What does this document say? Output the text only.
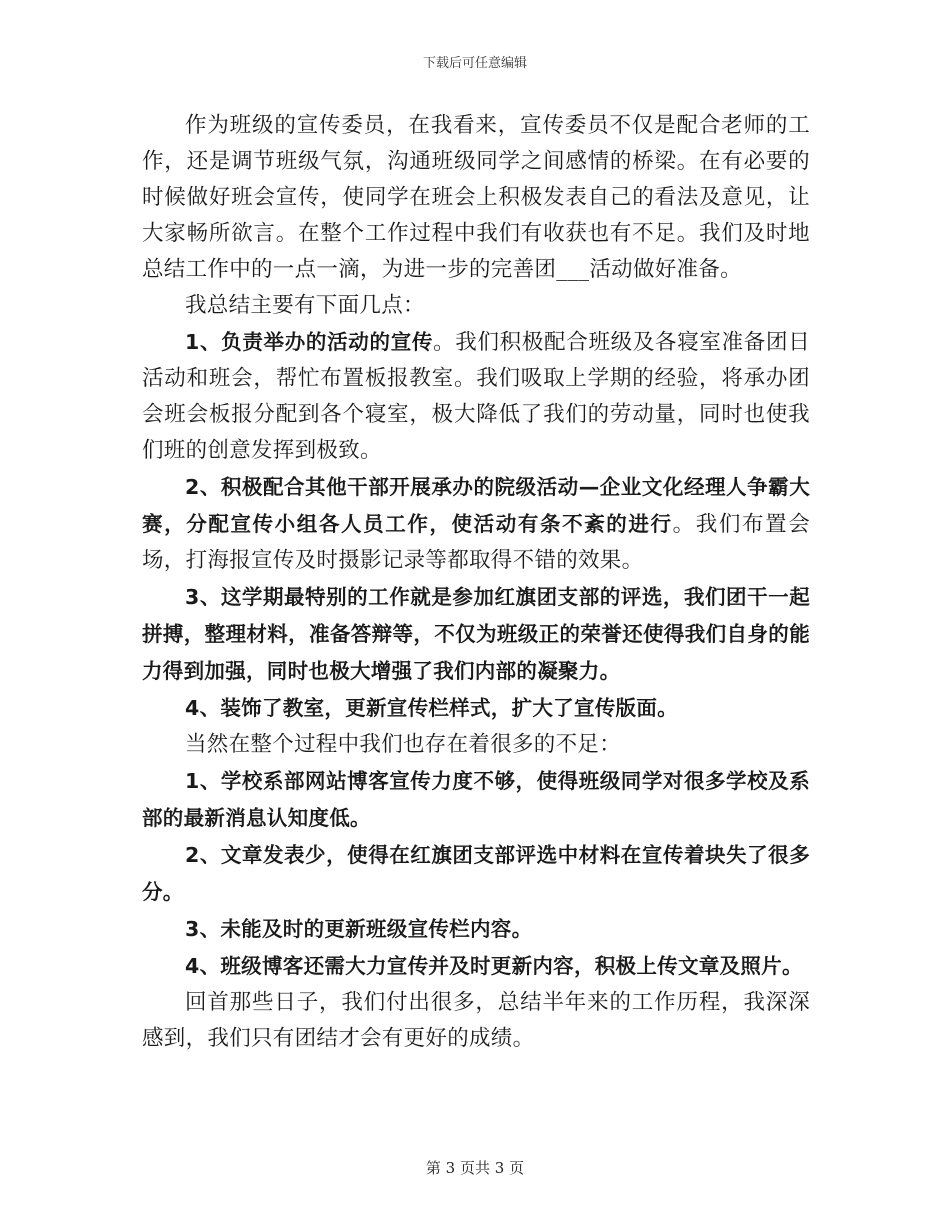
下载后可任意编辑

作为班级的宣传委员，在我看来，宣传委员不仅是配合老师的工作，还是调节班级气氛，沟通班级同学之间感情的桥梁。在有必要的时候做好班会宣传，使同学在班会上积极发表自己的看法及意见，让大家畅所欲言。在整个工作过程中我们有收获也有不足。我们及时地总结工作中的一点一滴，为进一步的完善团___活动做好准备。

我总结主要有下面几点：

1、负责举办的活动的宣传。我们积极配合班级及各寝室准备团日活动和班会，帮忙布置板报教室。我们吸取上学期的经验，将承办团会班会板报分配到各个寝室，极大降低了我们的劳动量，同时也使我们班的创意发挥到极致。

2、积极配合其他干部开展承办的院级活动—企业文化经理人争霸大赛，分配宣传小组各人员工作，使活动有条不紊的进行。我们布置会场，打海报宣传及时摄影记录等都取得不错的效果。

3、这学期最特别的工作就是参加红旗团支部的评选，我们团干一起拼搏，整理材料，准备答辩等，不仅为班级正的荣誉还使得我们自身的能力得到加强，同时也极大增强了我们内部的凝聚力。

4、装饰了教室，更新宣传栏样式，扩大了宣传版面。

当然在整个过程中我们也存在着很多的不足：

1、学校系部网站博客宣传力度不够，使得班级同学对很多学校及系部的最新消息认知度低。

2、文章发表少，使得在红旗团支部评选中材料在宣传着块失了很多分。

3、未能及时的更新班级宣传栏内容。

4、班级博客还需大力宣传并及时更新内容，积极上传文章及照片。

回首那些日子，我们付出很多，总结半年来的工作历程，我深深感到，我们只有团结才会有更好的成绩。

第 3 页共 3 页
